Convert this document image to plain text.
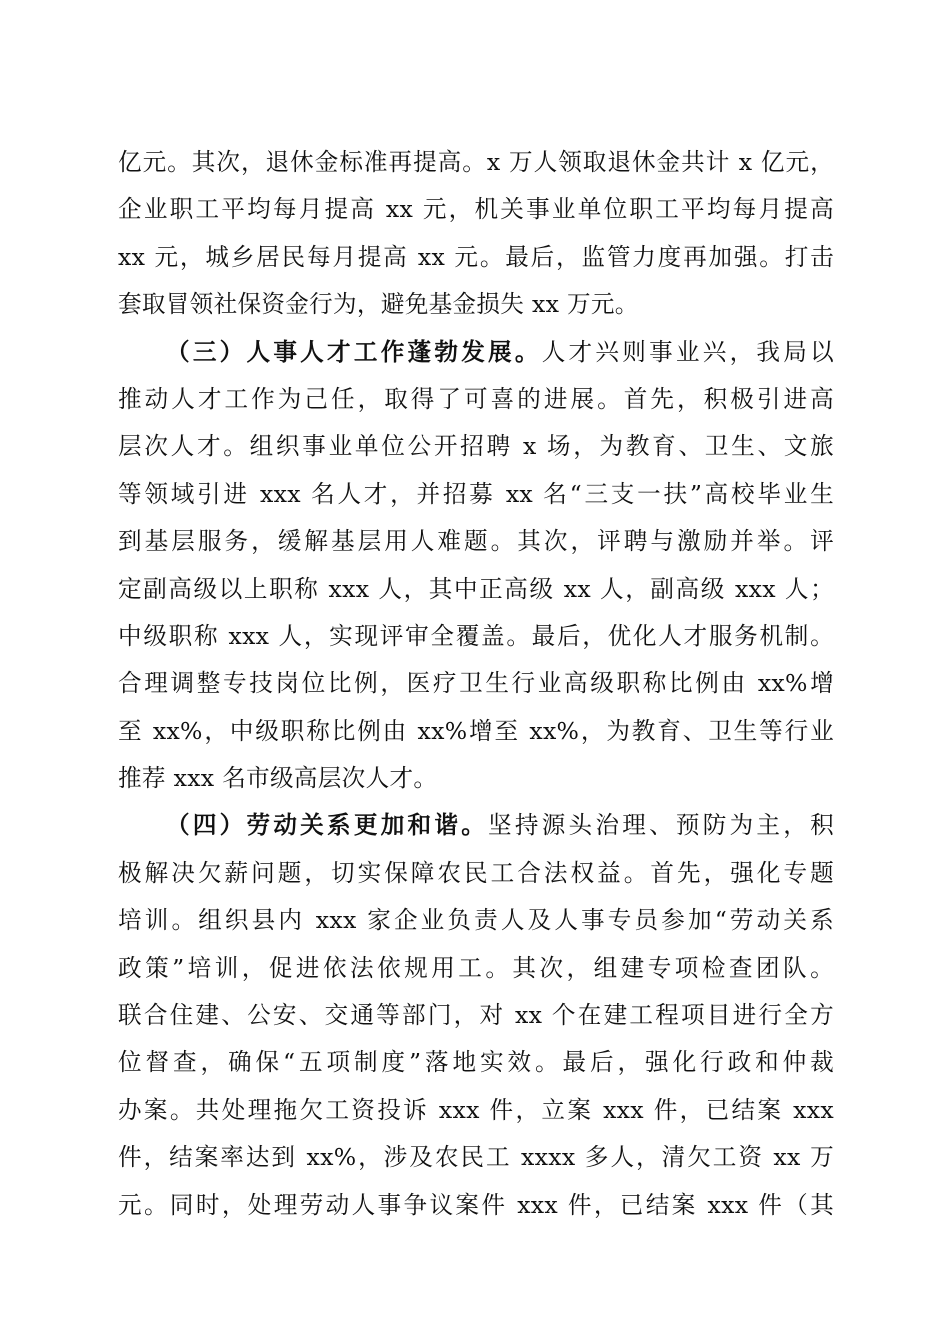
亿元。其次，退休金标准再提高。x 万人领取退休金共计 x 亿元，
企业职工平均每月提高 xx 元，机关事业单位职工平均每月提高
xx 元，城乡居民每月提高 xx 元。最后，监管力度再加强。打击
套取冒领社保资金行为，避免基金损失 xx 万元。
（三）人事人才工作蓬勃发展。人才兴则事业兴，我局以
推动人才工作为己任，取得了可喜的进展。首先，积极引进高
层次人才。组织事业单位公开招聘 x 场，为教育、卫生、文旅
等领域引进 xxx 名人才，并招募 xx 名“三支一扶”高校毕业生
到基层服务，缓解基层用人难题。其次，评聘与激励并举。评
定副高级以上职称 xxx 人，其中正高级 xx 人，副高级 xxx 人；
中级职称 xxx 人，实现评审全覆盖。最后，优化人才服务机制。
合理调整专技岗位比例，医疗卫生行业高级职称比例由 xx%增
至 xx%，中级职称比例由 xx%增至 xx%，为教育、卫生等行业
推荐 xxx 名市级高层次人才。
（四）劳动关系更加和谐。坚持源头治理、预防为主，积
极解决欠薪问题，切实保障农民工合法权益。首先，强化专题
培训。组织县内 xxx 家企业负责人及人事专员参加“劳动关系
政策”培训，促进依法依规用工。其次，组建专项检查团队。
联合住建、公安、交通等部门，对 xx 个在建工程项目进行全方
位督查，确保“五项制度”落地实效。最后，强化行政和仲裁
办案。共处理拖欠工资投诉 xxx 件，立案 xxx 件，已结案 xxx
件，结案率达到 xx%，涉及农民工 xxxx 多人，清欠工资 xx 万
元。同时，处理劳动人事争议案件 xxx 件，已结案 xxx 件（其
